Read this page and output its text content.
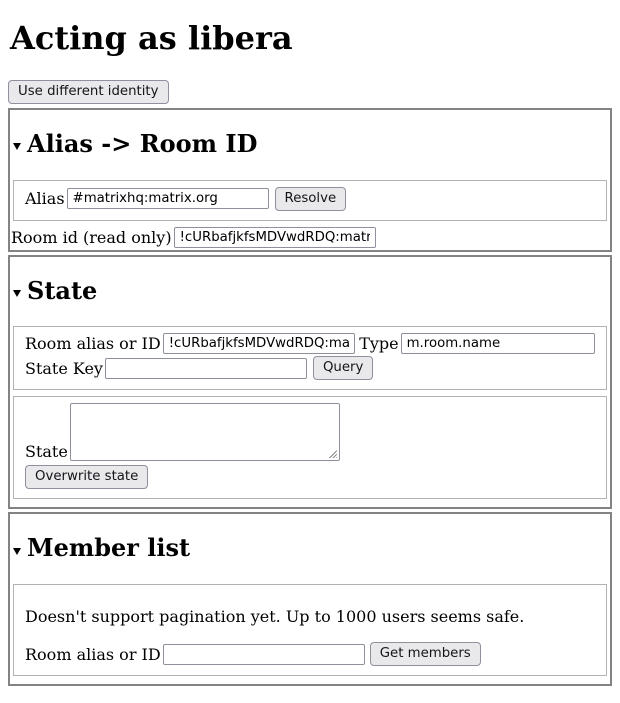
Acting as libera
Use different identity
Alias -> Room ID
Alias
#matrixhq:matrix.org	Resolve
Room id (read only)
!cURbafjkfsMDVwdRDQ:matrix.
State
Room alias or ID
!cURbafjkfsMDVwdRDQ:matrix.	Type
m.room.name
State Key	Query
State
Overwrite state
Member list

Doesn't support pagination yet. Up to 1000 users seems safe.

Room alias or ID	Get members
